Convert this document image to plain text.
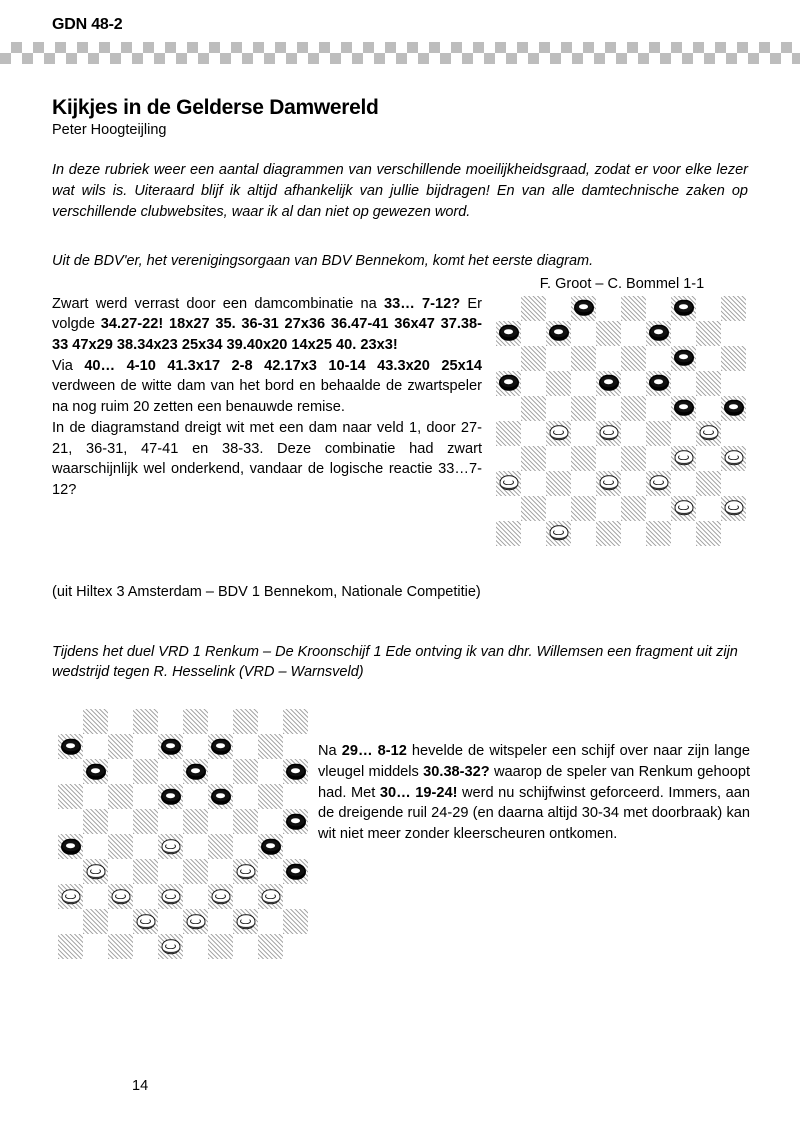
GDN 48-2
Kijkjes in de Gelderse Damwereld
Peter Hoogteijling

In deze rubriek weer een aantal diagrammen van verschillende moeilijkheidsgraad, zodat er voor elke lezer wat wils is. Uiteraard blijf ik altijd afhankelijk van jullie bijdragen! En van alle damtechnische zaken op verschillende clubwebsites, waar ik al dan niet op gewezen word.

Uit de BDV'er, het verenigingsorgaan van BDV Bennekom, komt het eerste diagram.

F. Groot – C. Bommel 1-1

Zwart werd verrast door een damcombinatie na 33… 7-12? Er volgde 34.27-22! 18x27 35. 36-31 27x36 36.47-41 36x47 37.38-33 47x29 38.34x23 25x34 39.40x20 14x25 40. 23x3!

Via 40… 4-10 41.3x17 2-8 42.17x3 10-14 43.3x20 25x14 verdween de witte dam van het bord en behaalde de zwartspeler na nog ruim 20 zetten een benauwde remise.

In de diagramstand dreigt wit met een dam naar veld 1, door 27-21, 36-31, 47-41 en 38-33. Deze combinatie had zwart waarschijnlijk wel onderkend, vandaar de logische reactie 33…7-12?

(uit Hiltex 3 Amsterdam – BDV 1 Bennekom, Nationale Competitie)

Tijdens het duel VRD 1 Renkum – De Kroonschijf 1 Ede ontving ik van dhr. Willemsen een fragment uit zijn wedstrijd tegen R. Hesselink (VRD – Warnsveld)

Na 29… 8-12 hevelde de witspeler een schijf over naar zijn lange vleugel middels 30.38-32? waarop de speler van Renkum gehoopt had. Met 30… 19-24! werd nu schijfwinst geforceerd. Immers, aan de dreigende ruil 24-29 (en daarna altijd 30-34 met doorbraak) kan wit niet meer zonder kleerscheuren ontkomen.

14
